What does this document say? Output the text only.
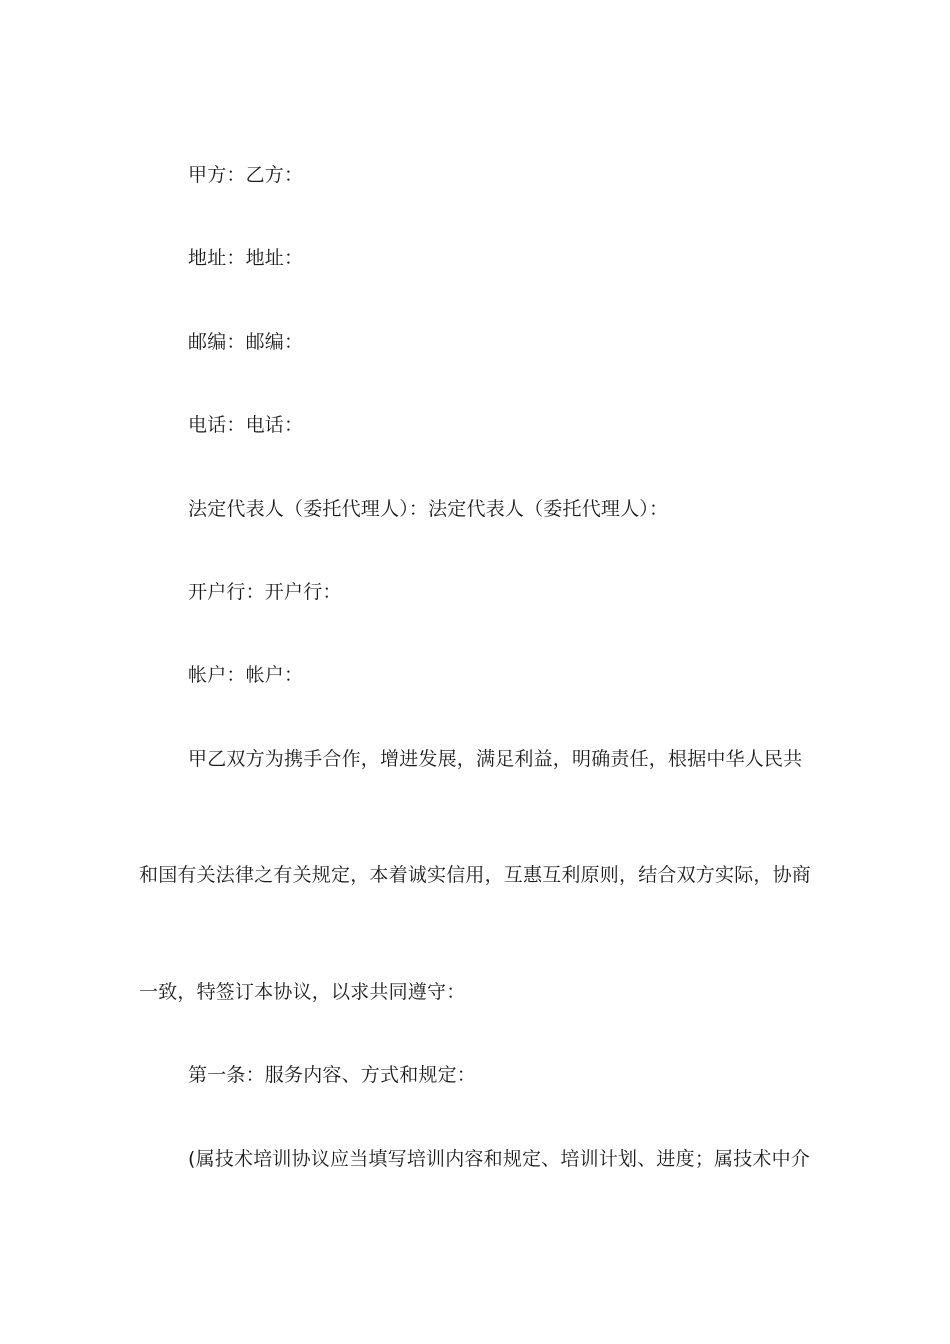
甲方：乙方：
地址：地址：
邮编：邮编：
电话：电话：
法定代表人（委托代理人）：法定代表人（委托代理人）：
开户行：开户行：
帐户：帐户：
甲乙双方为携手合作，增进发展，满足利益，明确责任，根据中华人民共
和国有关法律之有关规定，本着诚实信用，互惠互利原则，结合双方实际，协商
一致，特签订本协议，以求共同遵守：
第一条：服务内容、方式和规定：
(属技术培训协议应当填写培训内容和规定、培训计划、进度；属技术中介
